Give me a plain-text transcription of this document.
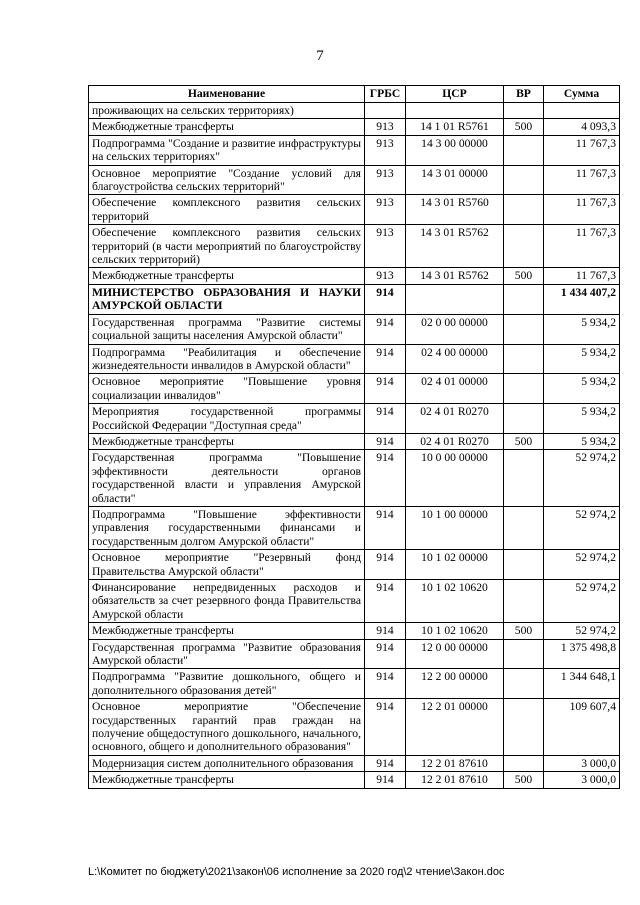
7
Наименование	ГРБС	ЦСР	ВР	Сумма
проживающих на сельских территориях)				
Межбюджетные трансферты	913	14 1 01 R5761	500	4 093,3
Подпрограмма "Создание и развитие инфраструктуры на сельских территориях"	913	14 3 00 00000		11 767,3
Основное мероприятие "Создание условий для благоустройства сельских территорий"	913	14 3 01 00000		11 767,3
Обеспечение комплексного развития сельских территорий	913	14 3 01 R5760		11 767,3
Обеспечение комплексного развития сельских территорий (в части мероприятий по благоустройству сельских территорий)	913	14 3 01 R5762		11 767,3
Межбюджетные трансферты	913	14 3 01 R5762	500	11 767,3
МИНИСТЕРСТВО ОБРАЗОВАНИЯ И НАУКИ АМУРСКОЙ ОБЛАСТИ	914			1 434 407,2
Государственная программа "Развитие системы социальной защиты населения Амурской области"	914	02 0 00 00000		5 934,2
Подпрограмма "Реабилитация и обеспечение жизнедеятельности инвалидов в Амурской области"	914	02 4 00 00000		5 934,2
Основное мероприятие "Повышение уровня социализации инвалидов"	914	02 4 01 00000		5 934,2
Мероприятия государственной программы Российской Федерации "Доступная среда"	914	02 4 01 R0270		5 934,2
Межбюджетные трансферты	914	02 4 01 R0270	500	5 934,2
Государственная программа "Повышение эффективности деятельности органов государственной власти и управления Амурской области"	914	10 0 00 00000		52 974,2
Подпрограмма "Повышение эффективности управления государственными финансами и государственным долгом Амурской области"	914	10 1 00 00000		52 974,2
Основное мероприятие "Резервный фонд Правительства Амурской области"	914	10 1 02 00000		52 974,2
Финансирование непредвиденных расходов и обязательств за счет резервного фонда Правительства Амурской области	914	10 1 02 10620		52 974,2
Межбюджетные трансферты	914	10 1 02 10620	500	52 974,2
Государственная программа "Развитие образования Амурской области"	914	12 0 00 00000		1 375 498,8
Подпрограмма "Развитие дошкольного, общего и дополнительного образования детей"	914	12 2 00 00000		1 344 648,1
Основное мероприятие "Обеспечение государственных гарантий прав граждан на получение общедоступного дошкольного, начального, основного, общего и дополнительного образования"	914	12 2 01 00000		109 607,4
Модернизация систем дополнительного образования	914	12 2 01 87610		3 000,0
Межбюджетные трансферты	914	12 2 01 87610	500	3 000,0
L:\Комитет по бюджету\2021\закон\06 исполнение за 2020 год\2 чтение\Закон.doc
